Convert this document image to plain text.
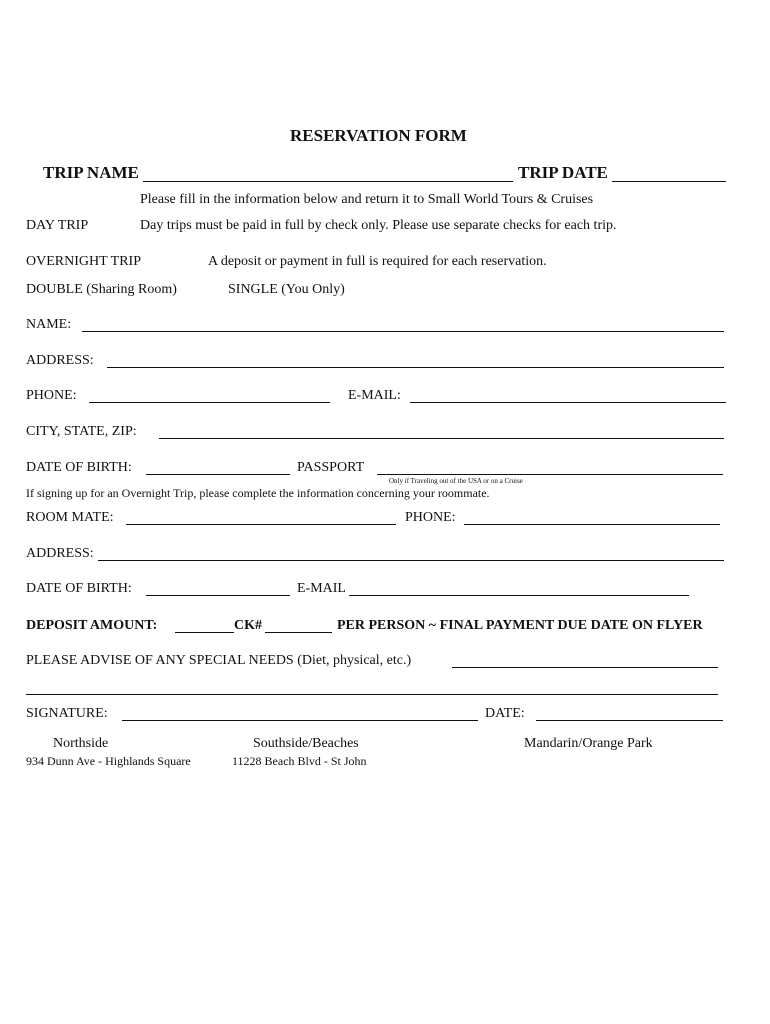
RESERVATION FORM
TRIP NAME	TRIP DATE
Please fill in the information below and return it to Small World Tours & Cruises
DAY TRIP	Day trips must be paid in full by check only. Please use separate checks for each trip.
OVERNIGHT TRIP	A deposit or payment in full is required for each reservation.
DOUBLE (Sharing Room)	SINGLE (You Only)
NAME:
ADDRESS:
PHONE:	E-MAIL:
CITY, STATE, ZIP:
DATE OF BIRTH:	PASSPORT
Only if Traveling out of the USA or on a Cruise
If signing up for an Overnight Trip, please complete the information concerning your roommate.
ROOM MATE:	PHONE:
ADDRESS:
DATE OF BIRTH:	E-MAIL
DEPOSIT AMOUNT:	CK#	PER PERSON ~ FINAL PAYMENT DUE DATE ON FLYER
PLEASE ADVISE OF ANY SPECIAL NEEDS (Diet, physical, etc.)
SIGNATURE:	DATE:
Northside
934 Dunn Ave - Highlands Square
Southside/Beaches
11228 Beach Blvd - St John
Mandarin/Orange Park
